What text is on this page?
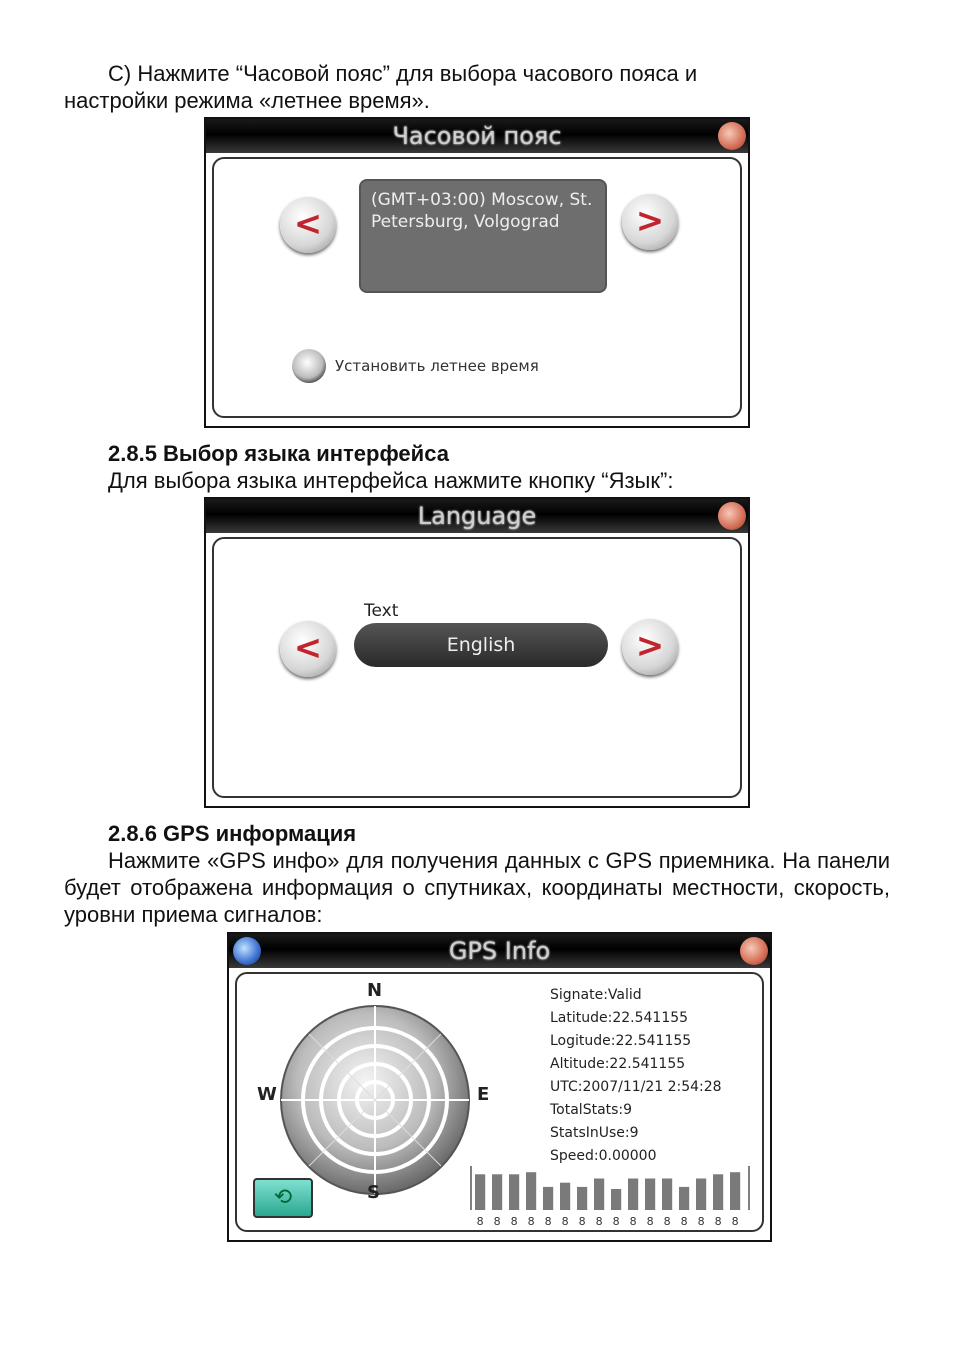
С) Нажмите “Часовой пояс” для выбора часового пояса и

настройки режима «летнее время».

Часовой пояс
<
(GMT+03:00) Moscow, St. Petersburg, Volgograd	>
Установить летнее время

2.8.5 Выбор языка интерфейса

Для выбора языка интерфейса нажмите кнопку “Язык”:

Language
Text
<	English	>

2.8.6 GPS информация

Нажмите «GPS инфо» для получения данных с GPS приемника. На панели будет отображена информация о спутниках, координаты местности, скорость, уровни приема сигналов:

GPS Info
N
S
E
W
⟲
Signate:Valid
Latitude:22.541155
Logitude:22.541155
Altitude:22.541155
UTC:2007/11/21 2:54:28
TotalStats:9
StatsInUse:9
Speed:0.00000
8 8 8 8 8 8 8 8 8 8 8 8 8 8 8 8
